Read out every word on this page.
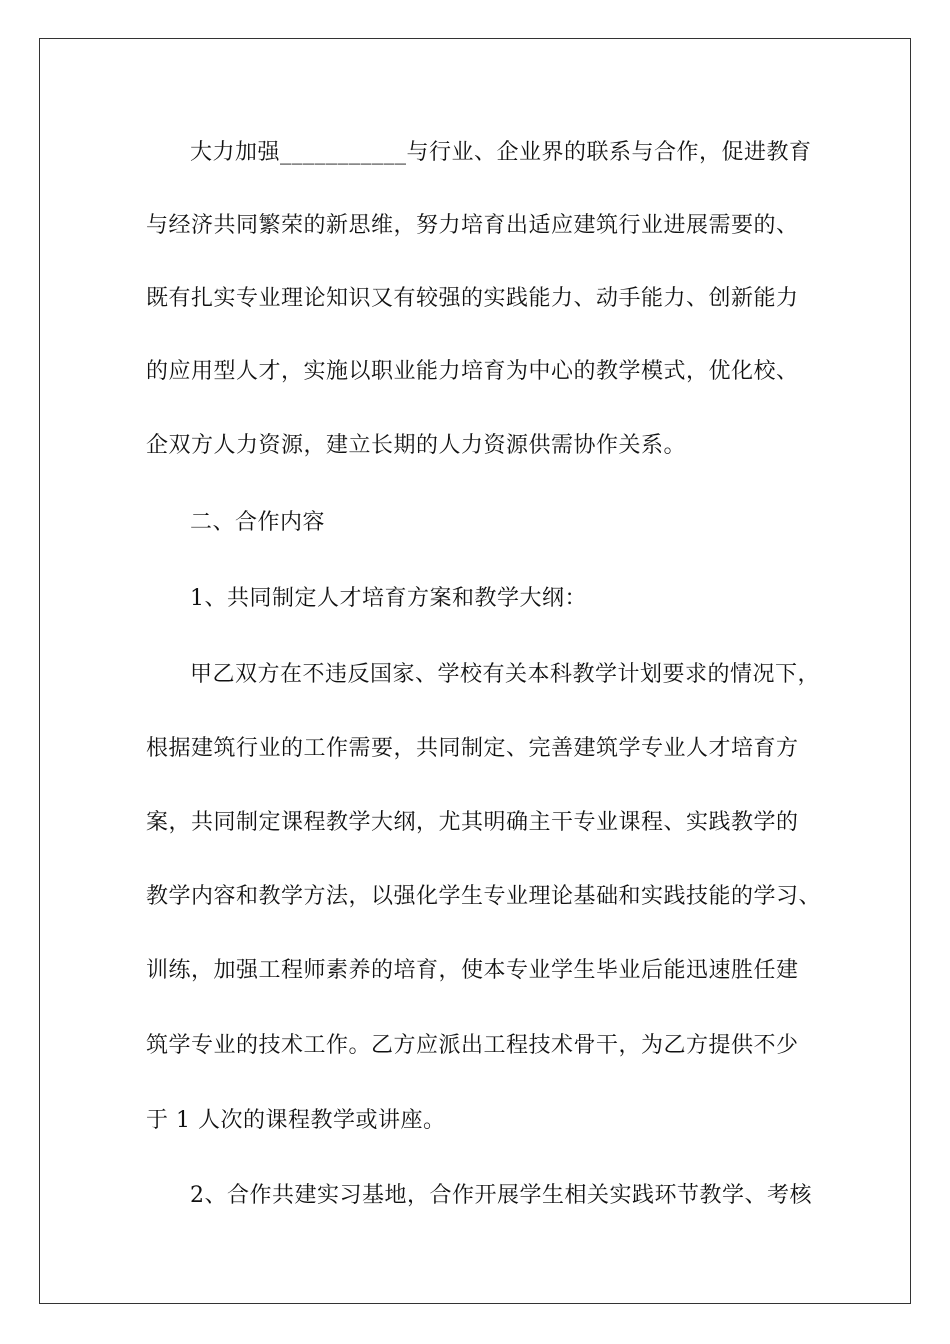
大力加强___________与行业、企业界的联系与合作，促进教育
与经济共同繁荣的新思维，努力培育出适应建筑行业进展需要的、
既有扎实专业理论知识又有较强的实践能力、动手能力、创新能力
的应用型人才，实施以职业能力培育为中心的教学模式，优化校、
企双方人力资源，建立长期的人力资源供需协作关系。
二、合作内容
1、共同制定人才培育方案和教学大纲：
甲乙双方在不违反国家、学校有关本科教学计划要求的情况下，
根据建筑行业的工作需要，共同制定、完善建筑学专业人才培育方
案，共同制定课程教学大纲，尤其明确主干专业课程、实践教学的
教学内容和教学方法，以强化学生专业理论基础和实践技能的学习、
训练，加强工程师素养的培育，使本专业学生毕业后能迅速胜任建
筑学专业的技术工作。乙方应派出工程技术骨干，为乙方提供不少
于 1 人次的课程教学或讲座。
2、合作共建实习基地，合作开展学生相关实践环节教学、考核
